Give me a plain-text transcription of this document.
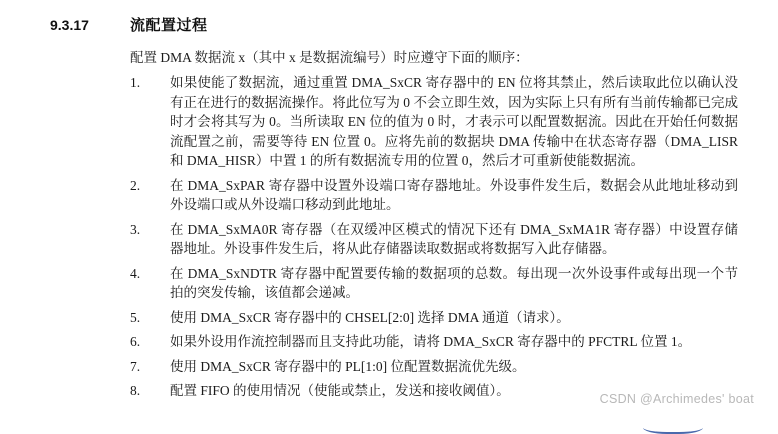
9.3.17	流配置过程

配置 DMA 数据流 x（其中 x 是数据流编号）时应遵守下面的顺序：

1.	如果使能了数据流，通过重置 DMA_SxCR 寄存器中的 EN 位将其禁止，然后读取此位以确认没有正在进行的数据流操作。将此位写为 0 不会立即生效，因为实际上只有所有当前传输都已完成时才会将其写为 0。当所读取 EN 位的值为 0 时，才表示可以配置数据流。因此在开始任何数据流配置之前，需要等待 EN 位置 0。应将先前的数据块 DMA 传输中在状态寄存器（DMA_LISR 和 DMA_HISR）中置 1 的所有数据流专用的位置 0，然后才可重新使能数据流。
2.	在 DMA_SxPAR 寄存器中设置外设端口寄存器地址。外设事件发生后，数据会从此地址移动到外设端口或从外设端口移动到此地址。
3.	在 DMA_SxMA0R 寄存器（在双缓冲区模式的情况下还有 DMA_SxMA1R 寄存器）中设置存储器地址。外设事件发生后，将从此存储器读取数据或将数据写入此存储器。
4.	在 DMA_SxNDTR 寄存器中配置要传输的数据项的总数。每出现一次外设事件或每出现一个节拍的突发传输，该值都会递减。
5.	使用 DMA_SxCR 寄存器中的 CHSEL[2:0] 选择 DMA 通道（请求）。
6.	如果外设用作流控制器而且支持此功能，请将 DMA_SxCR 寄存器中的 PFCTRL 位置 1。
7.	使用 DMA_SxCR 寄存器中的 PL[1:0] 位配置数据流优先级。
8.	配置 FIFO 的使用情况（使能或禁止，发送和接收阈值）。
CSDN @Archimedes' boat
